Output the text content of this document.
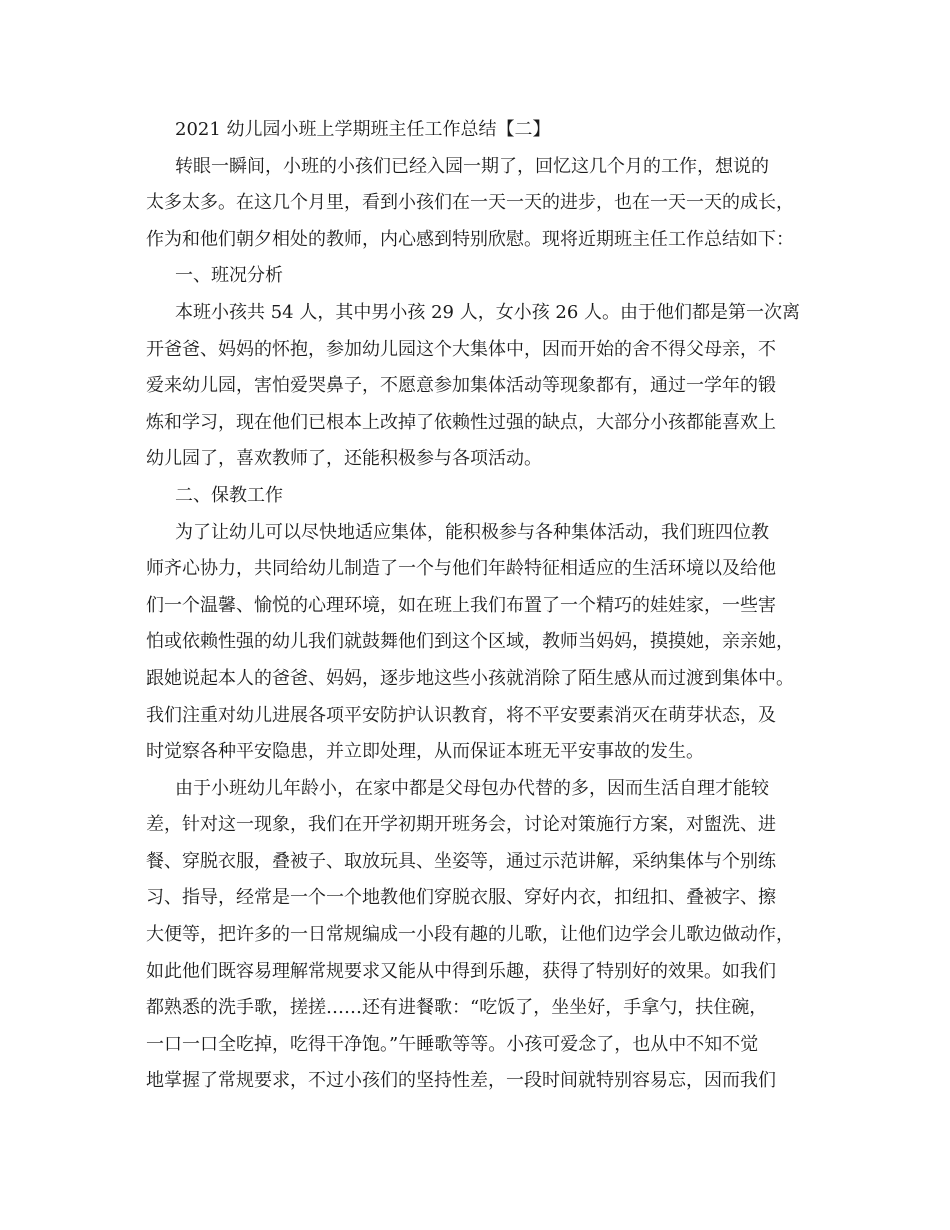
2021 幼儿园小班上学期班主任工作总结【二】
转眼一瞬间，小班的小孩们已经入园一期了，回忆这几个月的工作，想说的
太多太多。在这几个月里，看到小孩们在一天一天的进步，也在一天一天的成长，
作为和他们朝夕相处的教师，内心感到特别欣慰。现将近期班主任工作总结如下：
一、班况分析
本班小孩共 54 人，其中男小孩 29 人，女小孩 26 人。由于他们都是第一次离
开爸爸、妈妈的怀抱，参加幼儿园这个大集体中，因而开始的舍不得父母亲，不
爱来幼儿园，害怕爱哭鼻子，不愿意参加集体活动等现象都有，通过一学年的锻
炼和学习，现在他们已根本上改掉了依赖性过强的缺点，大部分小孩都能喜欢上
幼儿园了，喜欢教师了，还能积极参与各项活动。
二、保教工作
为了让幼儿可以尽快地适应集体，能积极参与各种集体活动，我们班四位教
师齐心协力，共同给幼儿制造了一个与他们年龄特征相适应的生活环境以及给他
们一个温馨、愉悦的心理环境，如在班上我们布置了一个精巧的娃娃家，一些害
怕或依赖性强的幼儿我们就鼓舞他们到这个区域，教师当妈妈，摸摸她，亲亲她，
跟她说起本人的爸爸、妈妈，逐步地这些小孩就消除了陌生感从而过渡到集体中。
我们注重对幼儿进展各项平安防护认识教育，将不平安要素消灭在萌芽状态，及
时觉察各种平安隐患，并立即处理，从而保证本班无平安事故的发生。
由于小班幼儿年龄小，在家中都是父母包办代替的多，因而生活自理才能较
差，针对这一现象，我们在开学初期开班务会，讨论对策施行方案，对盥洗、进
餐、穿脱衣服，叠被子、取放玩具、坐姿等，通过示范讲解，采纳集体与个别练
习、指导，经常是一个一个地教他们穿脱衣服、穿好内衣，扣纽扣、叠被字、擦
大便等，把许多的一日常规编成一小段有趣的儿歌，让他们边学会儿歌边做动作，
如此他们既容易理解常规要求又能从中得到乐趣，获得了特别好的效果。如我们
都熟悉的洗手歌，搓搓……还有进餐歌：“吃饭了，坐坐好，手拿勺，扶住碗，
一口一口全吃掉，吃得干净饱。”午睡歌等等。小孩可爱念了，也从中不知不觉
地掌握了常规要求，不过小孩们的坚持性差，一段时间就特别容易忘，因而我们
